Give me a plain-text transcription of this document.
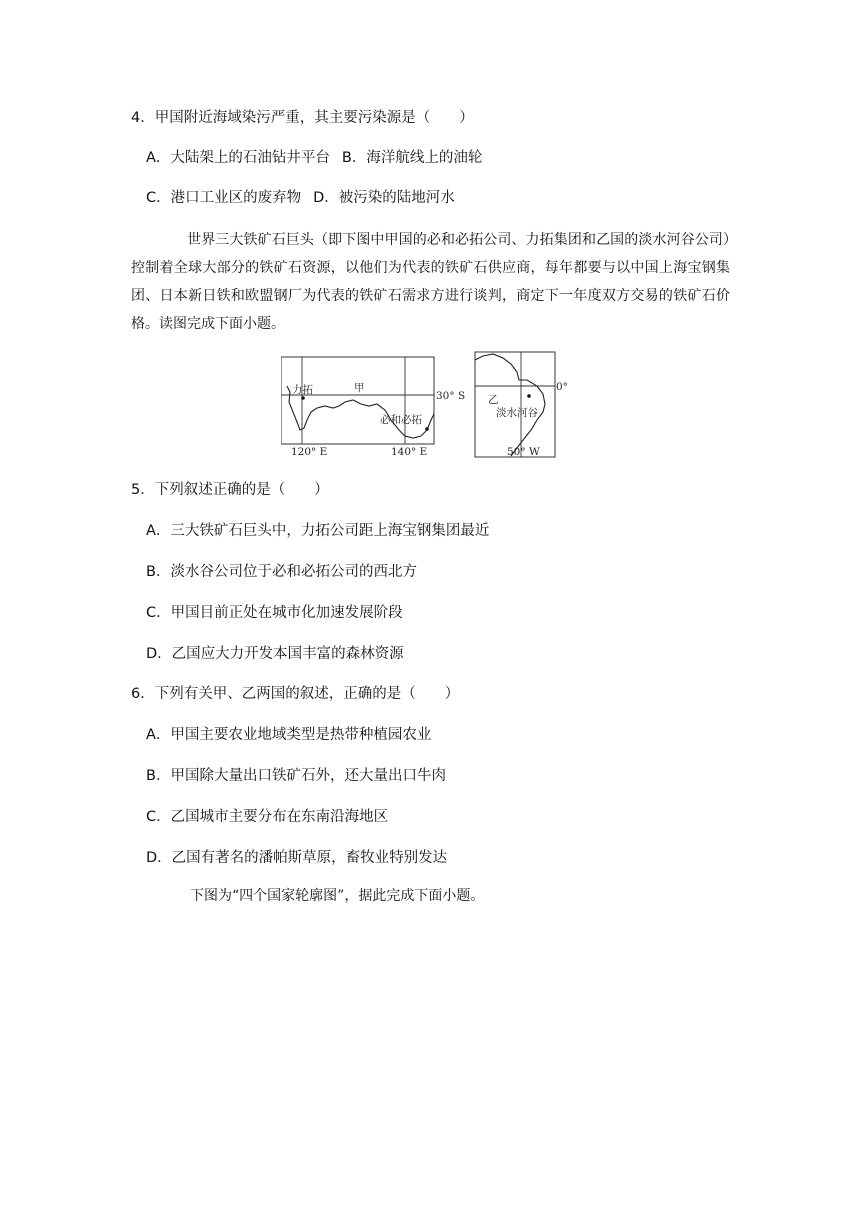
4．甲国附近海域染污严重，其主要污染源是（　　）
A．大陆架上的石油钻井平台 B．海洋航线上的油轮
C．港口工业区的废弃物 D．被污染的陆地河水
世界三大铁矿石巨头（即下图中甲国的必和必拓公司、力拓集团和乙国的淡水河谷公司）控制着全球大部分的铁矿石资源，以他们为代表的铁矿石供应商，每年都要与以中国上海宝钢集团、日本新日铁和欧盟钢厂为代表的铁矿石需求方进行谈判，商定下一年度双方交易的铁矿石价格。读图完成下面小题。
力拓	甲
30° S
必和必拓
120° E	140° E
0°
乙
淡水河谷
50° W
5．下列叙述正确的是（　　）
A．三大铁矿石巨头中，力拓公司距上海宝钢集团最近
B．淡水谷公司位于必和必拓公司的西北方
C．甲国目前正处在城市化加速发展阶段
D．乙国应大力开发本国丰富的森林资源
6．下列有关甲、乙两国的叙述，正确的是（　　）
A．甲国主要农业地域类型是热带种植园农业
B．甲国除大量出口铁矿石外，还大量出口牛肉
C．乙国城市主要分布在东南沿海地区
D．乙国有著名的潘帕斯草原，畜牧业特别发达
下图为“四个国家轮廓图”，据此完成下面小题。
